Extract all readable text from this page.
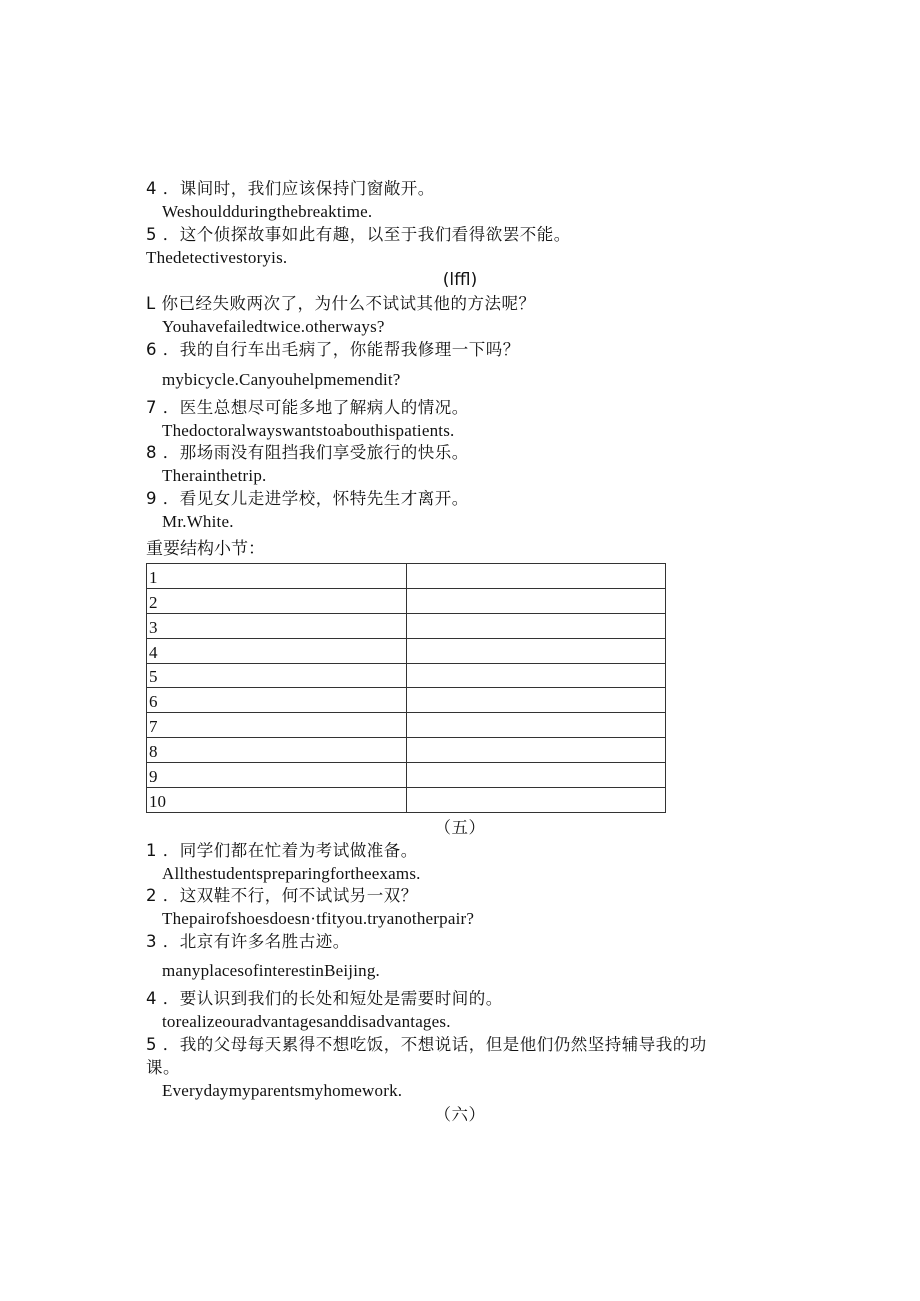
4 ．课间时，我们应该保持门窗敞开。
Weshouldduringthebreaktime.
5 ．这个侦探故事如此有趣，以至于我们看得欲罢不能。
Thedetectivestoryis.
(lffl)
L 你已经失败两次了，为什么不试试其他的方法呢？
Youhavefailedtwice.otherways?
6 ．我的自行车出毛病了，你能帮我修理一下吗？
mybicycle.Canyouhelpmemendit?
7 ．医生总想尽可能多地了解病人的情况。
Thedoctoralwayswantstoabouthispatients.
8 ．那场雨没有阻挡我们享受旅行的快乐。
Therainthetrip.
9 ．看见女儿走进学校，怀特先生才离开。
Mr.White.
重要结构小节：
1	
2	
3	
4	
5	
6	
7	
8	
9	
10	
（五）
1 ．同学们都在忙着为考试做准备。
Allthestudentspreparingfortheexams.
2 ．这双鞋不行，何不试试另一双？
Thepairofshoesdoesn·tfityou.tryanotherpair?
3 ．北京有许多名胜古迹。
manyplacesofinterestinBeijing.
4 ．要认识到我们的长处和短处是需要时间的。
torealizeouradvantagesanddisadvantages.
5 ．我的父母每天累得不想吃饭，不想说话，但是他们仍然坚持辅导我的功
课。
Everydaymyparentsmyhomework.
（六）
